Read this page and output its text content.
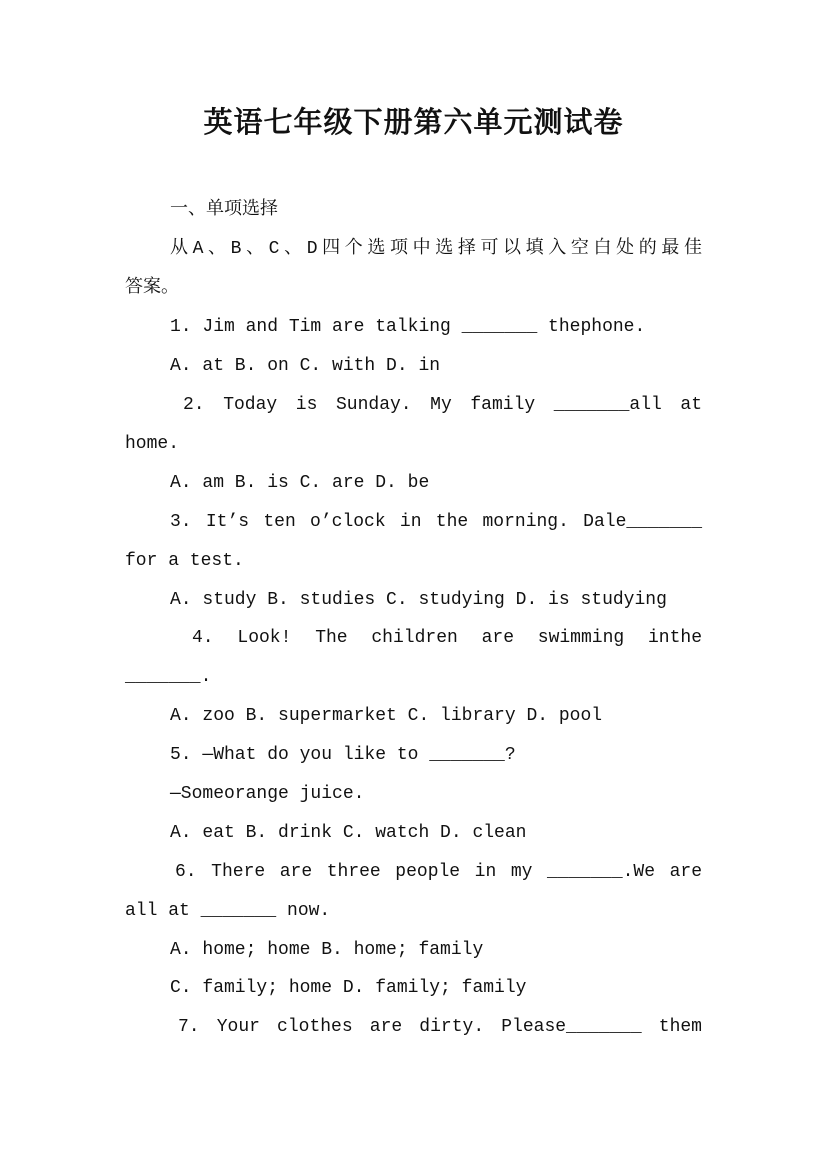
英语七年级下册第六单元测试卷
一、单项选择
从A、B、C、D四个选项中选择可以填入空白处的最佳
答案。
1. Jim and Tim are talking _______ thephone.
A. at B. on C. with D. in
2. Today is Sunday. My family _______all at
home.
A. am B. is C. are D. be
3. It’s ten o’clock in the morning. Dale_______
for a test.
A. study B. studies C. studying D. is studying
4. Look! The children are swimming inthe
_______.
A. zoo B. supermarket C. library D. pool
5. —What do you like to _______?
—Someorange juice.
A. eat B. drink C. watch D. clean
6. There are three people in my _______.We are
all at _______ now.
A. home; home B. home; family
C. family; home D. family; family
7. Your clothes are dirty. Please_______ them
